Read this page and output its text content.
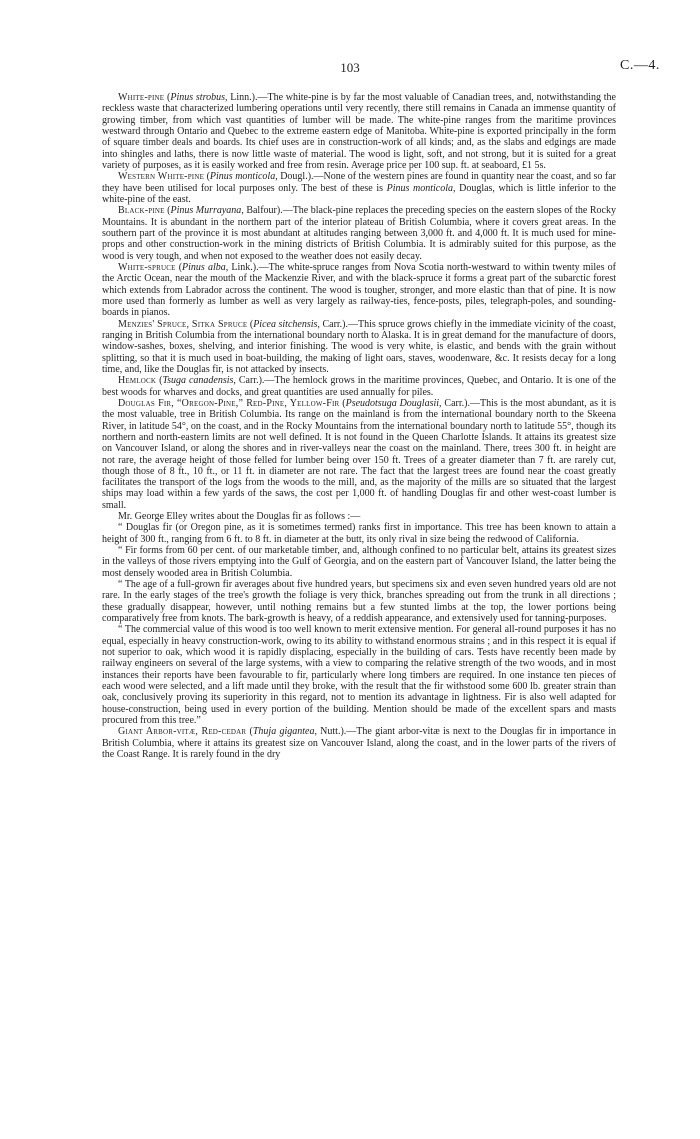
103	C.—4.

White-pine (Pinus strobus, Linn.).—The white-pine is by far the most valuable of Canadian trees, and, notwithstanding the reckless waste that characterized lumbering operations until very recently, there still remains in Canada an immense quantity of growing timber, from which vast quantities of lumber will be made. The white-pine ranges from the maritime provinces westward through Ontario and Quebec to the extreme eastern edge of Manitoba. White-pine is exported principally in the form of square timber deals and boards. Its chief uses are in construction-work of all kinds; and, as the slabs and edgings are made into shingles and laths, there is now little waste of material. The wood is light, soft, and not strong, but it is suited for a great variety of purposes, as it is easily worked and free from resin. Average price per 100 sup. ft. at seaboard, £1 5s.

Western White-pine (Pinus monticola, Dougl.).—None of the western pines are found in quantity near the coast, and so far they have been utilised for local purposes only. The best of these is Pinus monticola, Douglas, which is little inferior to the white-pine of the east.

Black-pine (Pinus Murrayana, Balfour).—The black-pine replaces the preceding species on the eastern slopes of the Rocky Mountains. It is abundant in the northern part of the interior plateau of British Columbia, where it covers great areas. In the southern part of the province it is most abundant at altitudes ranging between 3,000 ft. and 4,000 ft. It is much used for mine-props and other construction-work in the mining districts of British Columbia. It is admirably suited for this purpose, as the wood is very tough, and when not exposed to the weather does not easily decay.

White-spruce (Pinus alba, Link.).—The white-spruce ranges from Nova Scotia north-westward to within twenty miles of the Arctic Ocean, near the mouth of the Mackenzie River, and with the black-spruce it forms a great part of the subarctic forest which extends from Labrador across the continent. The wood is tougher, stronger, and more elastic than that of pine. It is now more used than formerly as lumber as well as very largely as railway-ties, fence-posts, piles, telegraph-poles, and sounding-boards in pianos.

Menzies' Spruce, Sitka Spruce (Picea sitchensis, Carr.).—This spruce grows chiefly in the immediate vicinity of the coast, ranging in British Columbia from the international boundary north to Alaska. It is in great demand for the manufacture of doors, window-sashes, boxes, shelving, and interior finishing. The wood is very white, is elastic, and bends with the grain without splitting, so that it is much used in boat-building, the making of light oars, staves, woodenware, &c. It resists decay for a long time, and, like the Douglas fir, is not attacked by insects.

Hemlock (Tsuga canadensis, Carr.).—The hemlock grows in the maritime provinces, Quebec, and Ontario. It is one of the best woods for wharves and docks, and great quantities are used annually for piles.

Douglas Fir, “Oregon-Pine,” Red-Pine, Yellow-Fir (Pseudotsuga Douglasii, Carr.).—This is the most abundant, as it is the most valuable, tree in British Columbia. Its range on the mainland is from the international boundary north to the Skeena River, in latitude 54°, on the coast, and in the Rocky Mountains from the international boundary north to latitude 55°, though its northern and north-eastern limits are not well defined. It is not found in the Queen Charlotte Islands. It attains its greatest size on Vancouver Island, or along the shores and in river-valleys near the coast on the mainland. There, trees 300 ft. in height are not rare, the average height of those felled for lumber being over 150 ft. Trees of a greater diameter than 7 ft. are rarely cut, though those of 8 ft., 10 ft., or 11 ft. in diameter are not rare. The fact that the largest trees are found near the coast greatly facilitates the transport of the logs from the woods to the mill, and, as the majority of the mills are so situated that the largest ships may load within a few yards of the saws, the cost per 1,000 ft. of handling Douglas fir and other west-coast lumber is small.

Mr. George Elley writes about the Douglas fir as follows :—

“ Douglas fir (or Oregon pine, as it is sometimes termed) ranks first in importance. This tree has been known to attain a height of 300 ft., ranging from 6 ft. to 8 ft. in diameter at the butt, its only rival in size being the redwood of California.

“ Fir forms from 60 per cent. of our marketable timber, and, although confined to no particular belt, attains its greatest sizes in the valleys of those rivers emptying into the Gulf of Georgia, and on the eastern part of Vancouver Island, the latter being the most densely wooded area in British Columbia.

“ The age of a full-grown fir averages about five hundred years, but specimens six and even seven hundred years old are not rare. In the early stages of the tree's growth the foliage is very thick, branches spreading out from the trunk in all directions ; these gradually disappear, however, until nothing remains but a few stunted limbs at the top, the lower portions being comparatively free from knots. The bark-growth is heavy, of a reddish appearance, and extensively used for tanning-purposes.

“ The commercial value of this wood is too well known to merit extensive mention. For general all-round purposes it has no equal, especially in heavy construction-work, owing to its ability to withstand enormous strains ; and in this respect it is equal if not superior to oak, which wood it is rapidly displacing, especially in the building of cars. Tests have recently been made by railway engineers on several of the large systems, with a view to comparing the relative strength of the two woods, and in most instances their reports have been favourable to fir, particularly where long timbers are required. In one instance ten pieces of each wood were selected, and a lift made until they broke, with the result that the fir withstood some 600 lb. greater strain than oak, conclusively proving its superiority in this regard, not to mention its advantage in lightness. Fir is also well adapted for house-construction, being used in every portion of the building. Mention should be made of the excellent spars and masts procured from this tree.”

Giant Arbor-vitæ, Red-cedar (Thuja gigantea, Nutt.).—The giant arbor-vitæ is next to the Douglas fir in importance in British Columbia, where it attains its greatest size on Vancouver Island, along the coast, and in the lower parts of the rivers of the Coast Range. It is rarely found in the dry
